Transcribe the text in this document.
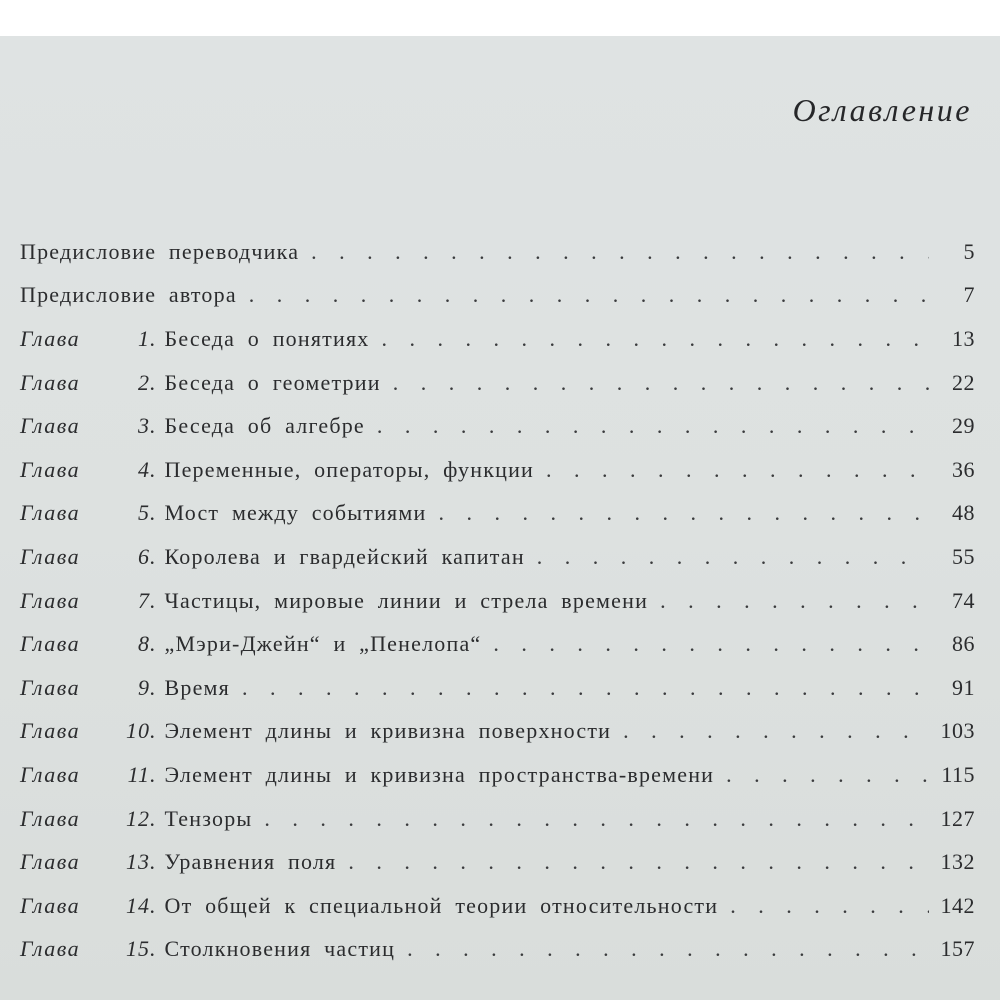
Оглавление
Предисловие переводчика . . .	5
Предисловие автора . . .	7
Глава	1 . Беседа о понятиях . . .	13
Глава	2 . Беседа о геометрии . . .	22
Глава	3 . Беседа об алгебре . . .	29
Глава	4 . Переменные, операторы, функции . . .	36
Глава	5 . Мост между событиями . . .	48
Глава	6 . Королева и гвардейский капитан . . .	55
Глава	7 . Частицы, мировые линии и стрела времени . . .	74
Глава	8 . „Мэри-Джейн“ и „Пенелопа“ . . .	86
Глава	9 . Время . . .	91
Глава	10 . Элемент длины и кривизна поверхности . . .	103
Глава	11 . Элемент длины и кривизна пространства-времени . . .	115
Глава	12 . Тензоры . . .	127
Глава	13 . Уравнения поля . . .	132
Глава	14 . От общей к специальной теории относительности . . .	142
Глава	15 . Столкновения частиц . . .	157
